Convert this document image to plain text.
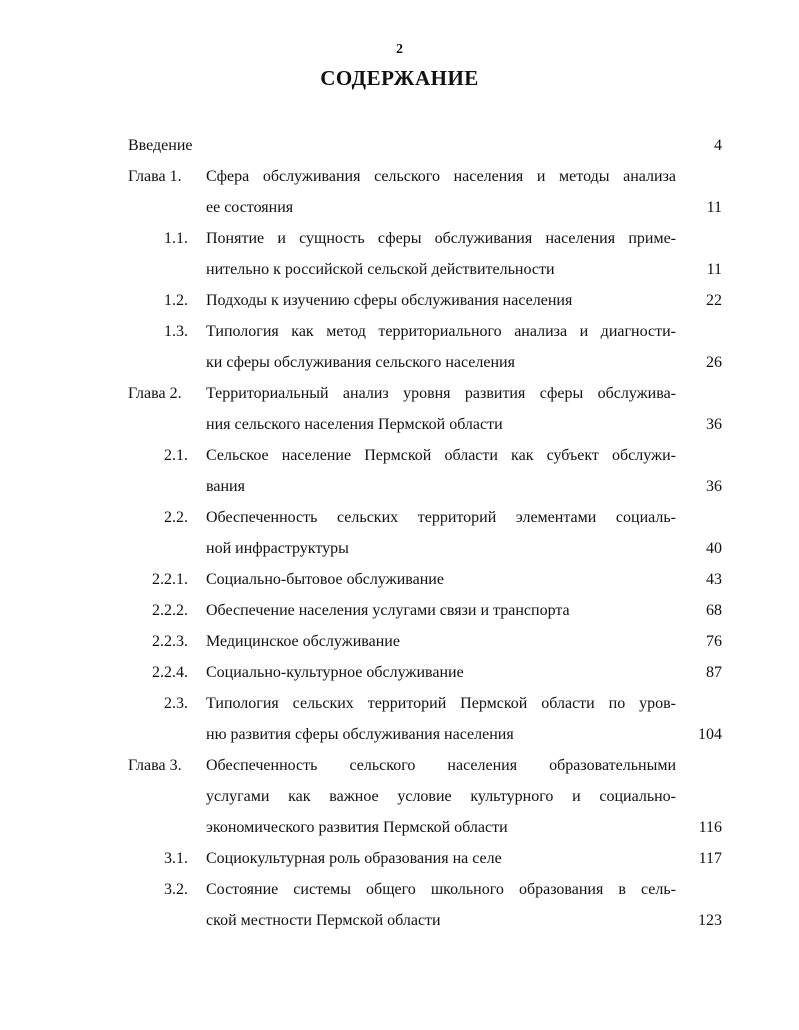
2
СОДЕРЖАНИЕ
Введение	4
Глава 1.	Сфера обслуживания сельского населения и методы анализа
ее состояния	11
1.1. Понятие и сущность сферы обслуживания населения приме-
нительно к российской сельской действительности	11
1.2. Подходы к изучению сферы обслуживания населения	22
1.3. Типология как метод территориального анализа и диагности-
ки сферы обслуживания сельского населения	26
Глава 2.	Территориальный анализ уровня развития сферы обслужива-
ния сельского населения Пермской области	36
2.1. Сельское население Пермской области как субъект обслужи-
вания	36
2.2. Обеспеченность сельских территорий элементами социаль-
ной инфраструктуры	40
2.2.1. Социально-бытовое обслуживание	43
2.2.2. Обеспечение населения услугами связи и транспорта	68
2.2.3. Медицинское обслуживание	76
2.2.4. Социально-культурное обслуживание	87
2.3. Типология сельских территорий Пермской области по уров-
ню развития сферы обслуживания населения	104
Глава 3.	Обеспеченность сельского населения образовательными
услугами как важное условие культурного и социально-
экономического развития Пермской области	116
3.1. Социокультурная роль образования на селе	117
3.2. Состояние системы общего школьного образования в сель-
ской местности Пермской области	123
